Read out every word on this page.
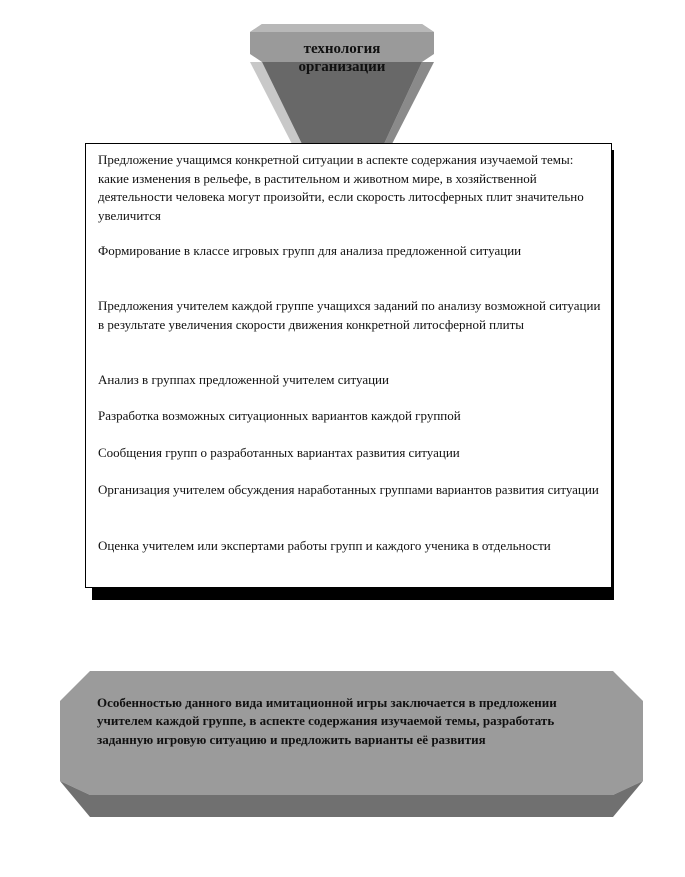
технология
организации
Предложение учащимся конкретной ситуации в аспекте содержания изучаемой темы: какие изменения в рельефе, в растительном и животном мире, в хозяйственной деятельности человека могут произойти, если скорость литосферных плит значительно увеличится
Формирование в классе игровых групп для анализа предложенной ситуации
Предложения учителем каждой группе учащихся заданий по анализу возможной ситуации в результате увеличения скорости движения конкретной литосферной плиты
Анализ в группах предложенной учителем ситуации
Разработка возможных ситуационных вариантов каждой группой
Сообщения групп о разработанных вариантах развития ситуации
Организация учителем обсуждения наработанных группами вариантов развития ситуации
Оценка учителем или экспертами работы групп и каждого ученика в отдельности
Особенностью данного вида имитационной игры заключается в предложении учителем каждой группе, в аспекте содержания изучаемой темы, разработать заданную игровую ситуацию и предложить варианты её развития
